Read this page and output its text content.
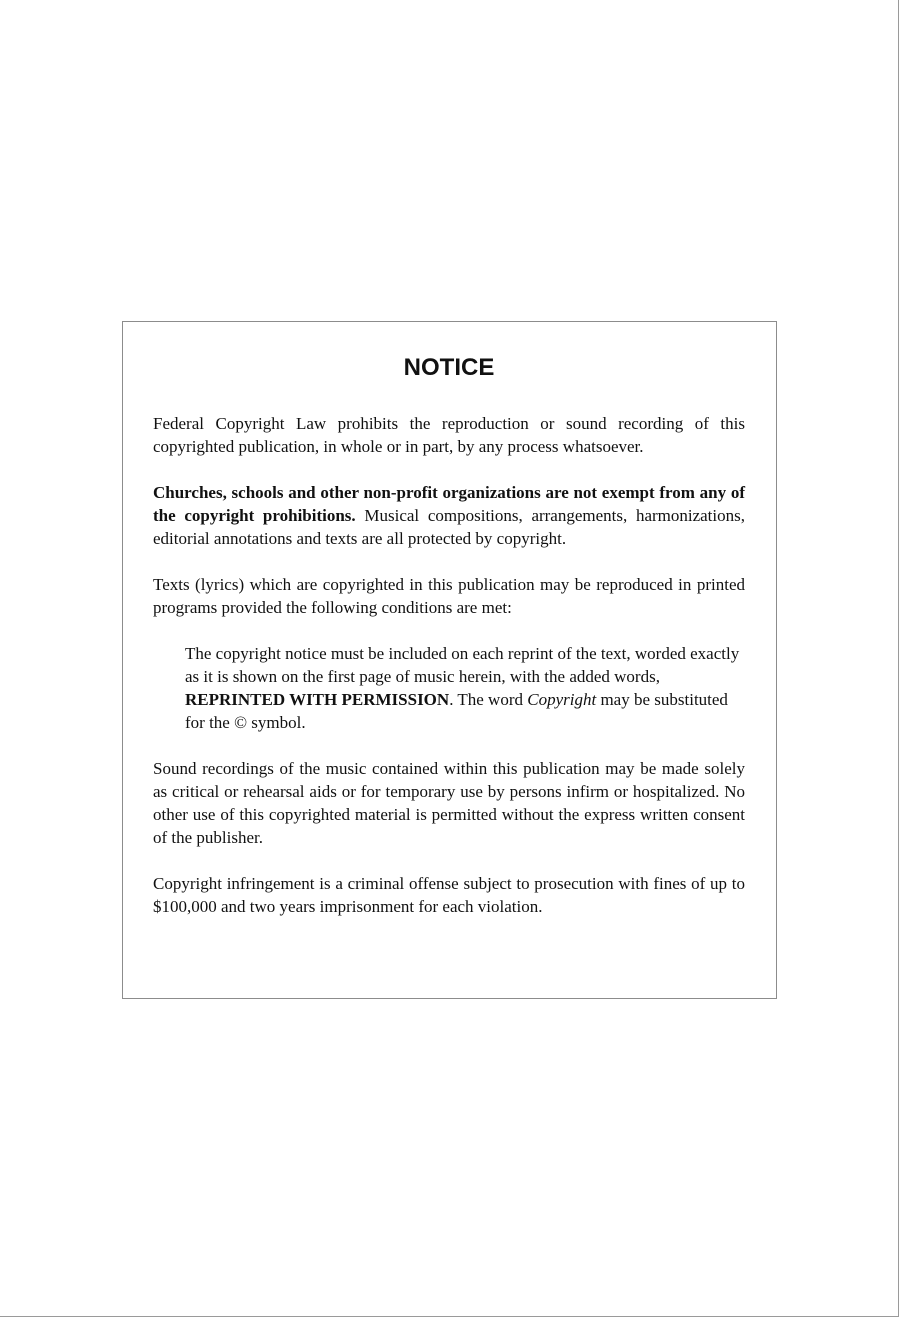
NOTICE

Federal Copyright Law prohibits the reproduction or sound recording of this copyrighted publication, in whole or in part, by any process whatsoever.

Churches, schools and other non-profit organizations are not exempt from any of the copyright prohibitions. Musical compositions, arrangements, harmonizations, editorial annotations and texts are all protected by copyright.

Texts (lyrics) which are copyrighted in this publication may be reproduced in printed programs provided the following conditions are met:

The copyright notice must be included on each reprint of the text, worded exactly as it is shown on the first page of music herein, with the added words, REPRINTED WITH PERMISSION. The word Copyright may be substituted for the © symbol.

Sound recordings of the music contained within this publication may be made solely as critical or rehearsal aids or for temporary use by persons infirm or hospitalized. No other use of this copyrighted material is permitted without the express written consent of the publisher.

Copyright infringement is a criminal offense subject to prosecution with fines of up to $100,000 and two years imprisonment for each violation.
